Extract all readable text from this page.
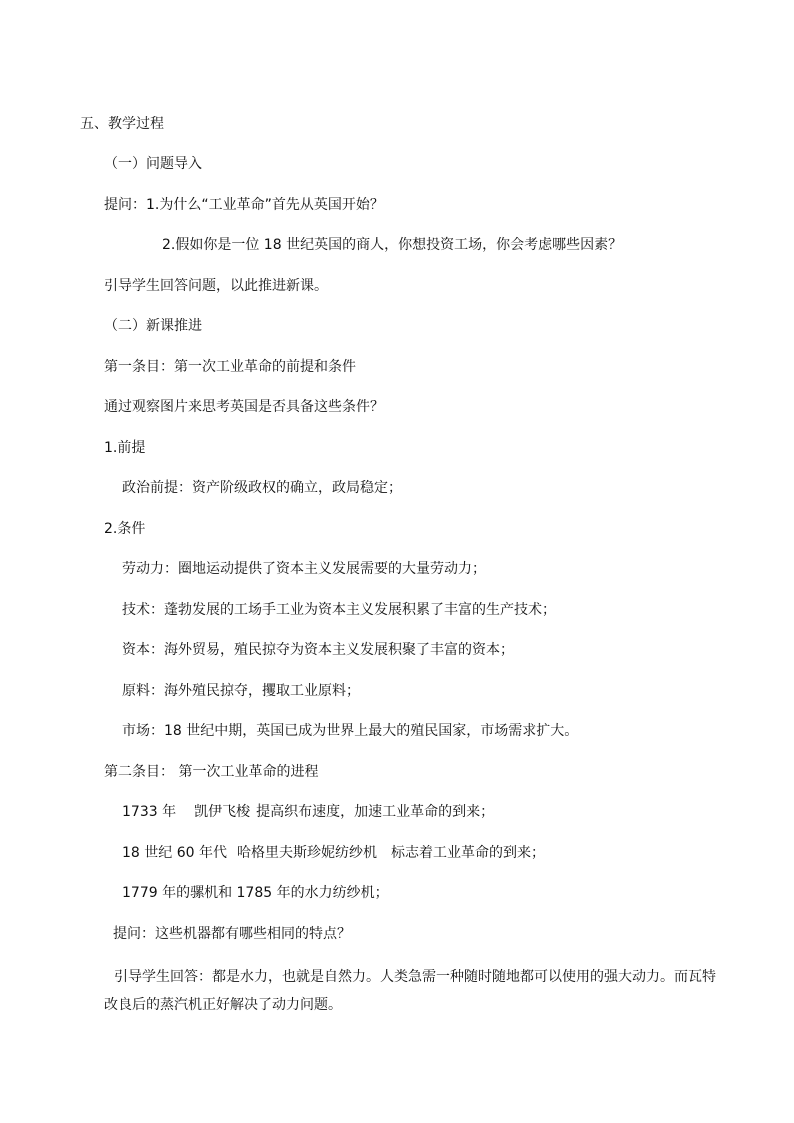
五、教学过程
（一）问题导入
提问：1.为什么“工业革命”首先从英国开始？
2.假如你是一位 18 世纪英国的商人，你想投资工场，你会考虑哪些因素？
引导学生回答问题，以此推进新课。
（二）新课推进
第一条目：第一次工业革命的前提和条件
通过观察图片来思考英国是否具备这些条件？
1.前提
政治前提：资产阶级政权的确立，政局稳定；
2.条件
劳动力：圈地运动提供了资本主义发展需要的大量劳动力；
技术：蓬勃发展的工场手工业为资本主义发展积累了丰富的生产技术；
资本：海外贸易，殖民掠夺为资本主义发展积聚了丰富的资本；
原料：海外殖民掠夺，攫取工业原料；
市场：18 世纪中期，英国已成为世界上最大的殖民国家，市场需求扩大。
第二条目： 第一次工业革命的进程
1733 年 凯伊飞梭 提高织布速度，加速工业革命的到来；
18 世纪 60 年代 哈格里夫斯珍妮纺纱机 标志着工业革命的到来；
1779 年的骡机和 1785 年的水力纺纱机；
提问：这些机器都有哪些相同的特点？
引导学生回答：都是水力，也就是自然力。人类急需一种随时随地都可以使用的强大动力。而瓦特改良后的蒸汽机正好解决了动力问题。
